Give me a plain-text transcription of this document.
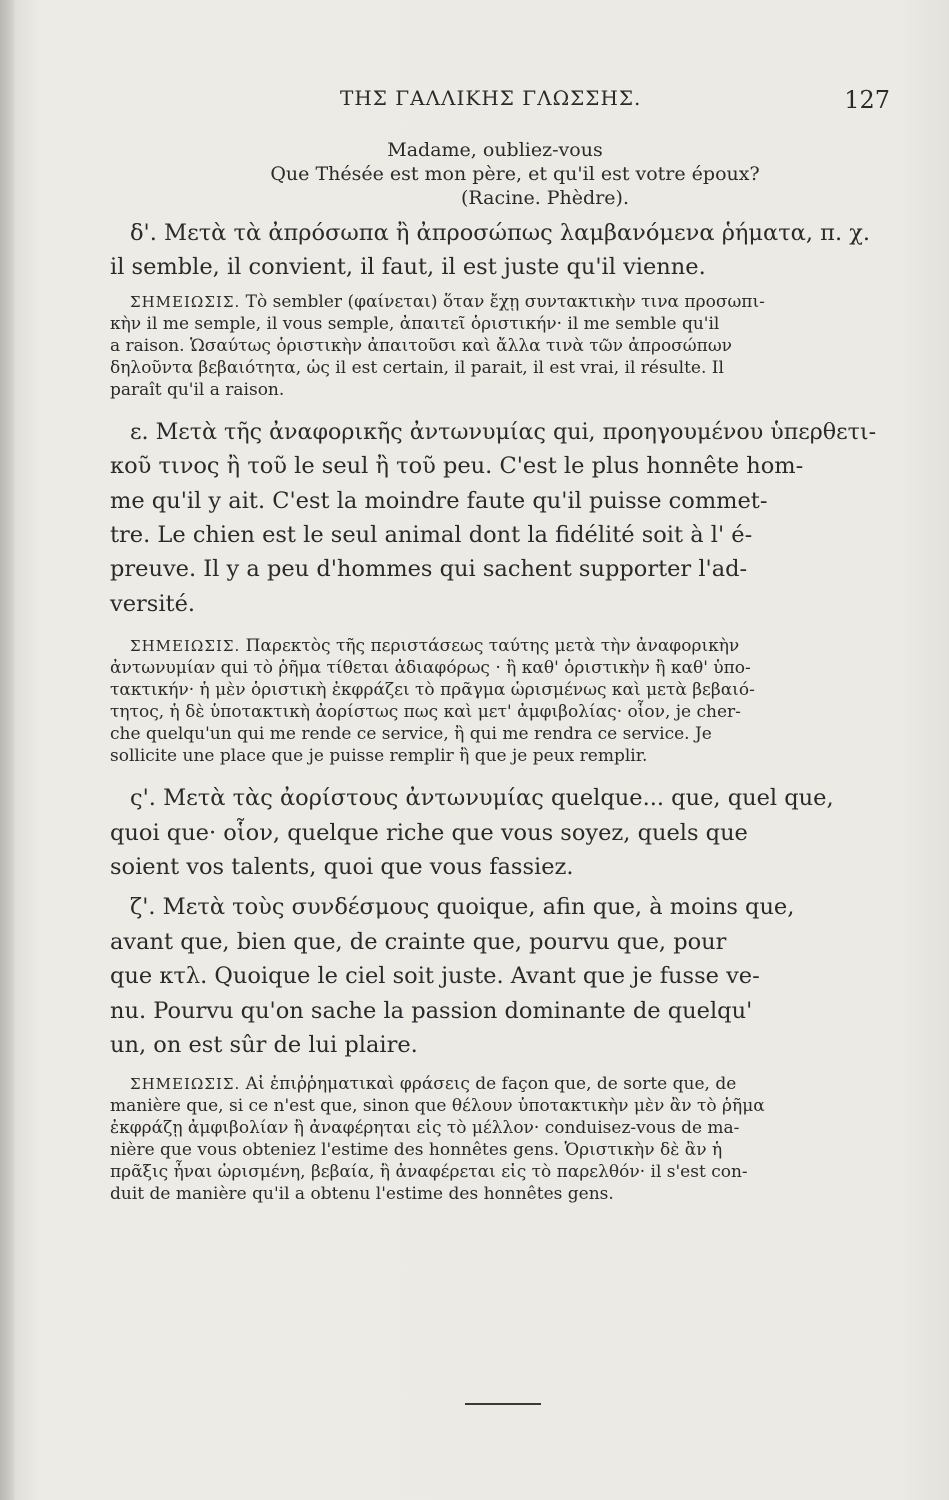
ΤΗΣ ΓΑΛΛΙΚΗΣ ΓΛΩΣΣΗΣ.	127
Madame, oubliez-vous
Que Thésée est mon père, et qu'il est votre époux?
(Racine. Phèdre).

δ'. Μετὰ τὰ ἀπρόσωπα ἢ ἀπροσώπως λαμβανόμενα ῥήματα, π. χ.

il semble, il convient, il faut, il est juste qu'il vienne.

ΣΗΜΕΙΩΣΙΣ. Τὸ sembler (φαίνεται) ὅταν ἔχῃ συντακτικὴν τινα προσωπι-

κὴν il me semple, il vous semple, ἀπαιτεῖ ὁριστικήν· il me semble qu'il

a raison. Ὡσαύτως ὁριστικὴν ἀπαιτοῦσι καὶ ἄλλα τινὰ τῶν ἀπροσώπων

δηλοῦντα βεβαιότητα, ὡς il est certain, il parait, il est vrai, il résulte. Il

paraît qu'il a raison.

ε. Μετὰ τῆς ἀναφορικῆς ἀντωνυμίας qui, προηγουμένου ὑπερθετι-

κοῦ τινος ἢ τοῦ le seul ἢ τοῦ peu. C'est le plus honnête hom-

me qu'il y ait. C'est la moindre faute qu'il puisse commet-

tre. Le chien est le seul animal dont la fidélité soit à l' é-

preuve. Il y a peu d'hommes qui sachent supporter l'ad-

versité.

ΣΗΜΕΙΩΣΙΣ. Παρεκτὸς τῆς περιστάσεως ταύτης μετὰ τὴν ἀναφορικὴν

ἀντωνυμίαν qui τὸ ῥῆμα τίθεται ἀδιαφόρως · ἢ καθ' ὁριστικὴν ἢ καθ' ὑπο-

τακτικήν· ἡ μὲν ὁριστικὴ ἐκφράζει τὸ πρᾶγμα ὡρισμένως καὶ μετὰ βεβαιό-

τητος, ἡ δὲ ὑποτακτικὴ ἀορίστως πως καὶ μετ' ἀμφιβολίας· οἷον, je cher-

che quelqu'un qui me rende ce service, ἢ qui me rendra ce service. Je

sollicite une place que je puisse remplir ἢ que je peux remplir.

ς'. Μετὰ τὰς ἀορίστους ἀντωνυμίας quelque... que, quel que,

quoi que· οἷον, quelque riche que vous soyez, quels que

soient vos talents, quoi que vous fassiez.

ζ'. Μετὰ τοὺς συνδέσμους quoique, afin que, à moins que,

avant que, bien que, de crainte que, pourvu que, pour

que κτλ. Quoique le ciel soit juste. Avant que je fusse ve-

nu. Pourvu qu'on sache la passion dominante de quelqu'

un, on est sûr de lui plaire.

ΣΗΜΕΙΩΣΙΣ. Αἱ ἐπιῤῥηματικαὶ φράσεις de façon que, de sorte que, de

manière que, si ce n'est que, sinon que θέλουν ὑποτακτικὴν μὲν ἂν τὸ ῥῆμα

ἐκφράζῃ ἀμφιβολίαν ἢ ἀναφέρηται εἰς τὸ μέλλον· conduisez-vous de ma-

nière que vous obteniez l'estime des honnêtes gens. Ὁριστικὴν δὲ ἂν ἡ

πρᾶξις ἦναι ὡρισμένη, βεβαία, ἢ ἀναφέρεται εἰς τὸ παρελθόν· il s'est con-

duit de manière qu'il a obtenu l'estime des honnêtes gens.
